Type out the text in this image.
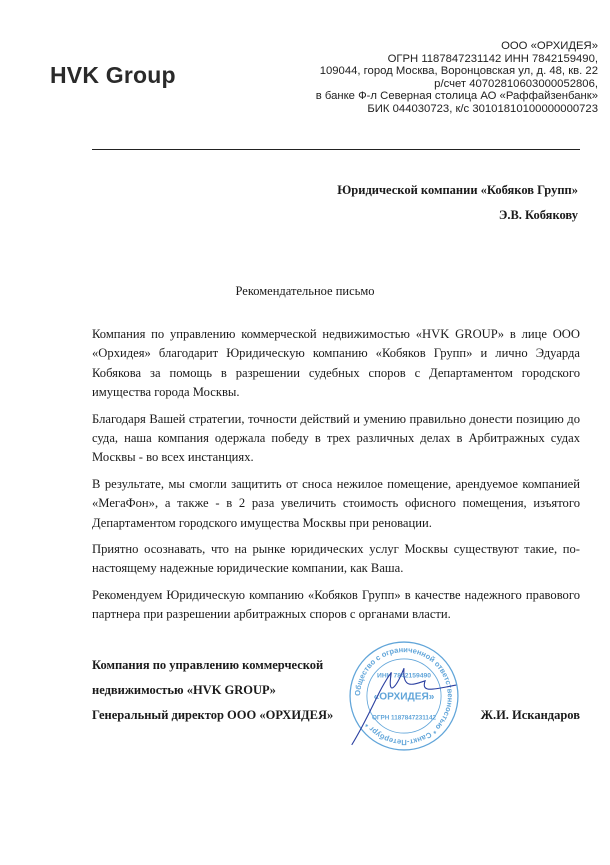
HVK Group
ООО «ОРХИДЕЯ»
ОГРН 1187847231142 ИНН 7842159490,
109044, город Москва, Воронцовская ул, д. 48, кв. 22
р/счет 40702810603000052806,
в банке Ф-л Северная столица АО «Раффайзенбанк»
БИК 044030723, к/с 30101810100000000723
Юридической компании «Кобяков Групп»
Э.В. Кобякову
Рекомендательное письмо

Компания по управлению коммерческой недвижимостью «HVK GROUP» в лице ООО «Орхидея» благодарит Юридическую компанию «Кобяков Групп» и лично Эдуарда Кобякова за помощь в разрешении судебных споров с Департаментом городского имущества города Москвы.

Благодаря Вашей стратегии, точности действий и умению правильно донести позицию до суда, наша компания одержала победу в трех различных делах в Арбитражных судах Москвы - во всех инстанциях.

В результате, мы смогли защитить от сноса нежилое помещение, арендуемое компанией «МегаФон», а также - в 2 раза увеличить стоимость офисного помещения, изъятого Департаментом городского имущества Москвы при реновации.

Приятно осознавать, что на рынке юридических услуг Москвы существуют такие, по-настоящему надежные юридические компании, как Ваша.

Рекомендуем Юридическую компанию «Кобяков Групп» в качестве надежного правового партнера при разрешении арбитражных споров с органами власти.

Общество с ограниченной ответственностью * Санкт-Петербург *
«ОРХИДЕЯ»
ИНН 7842159490
ОГРН 1187847231142
Компания по управлению коммерческой
недвижимостью «HVK GROUP»
Генеральный директор ООО «ОРХИДЕЯ»	Ж.И. Искандаров
